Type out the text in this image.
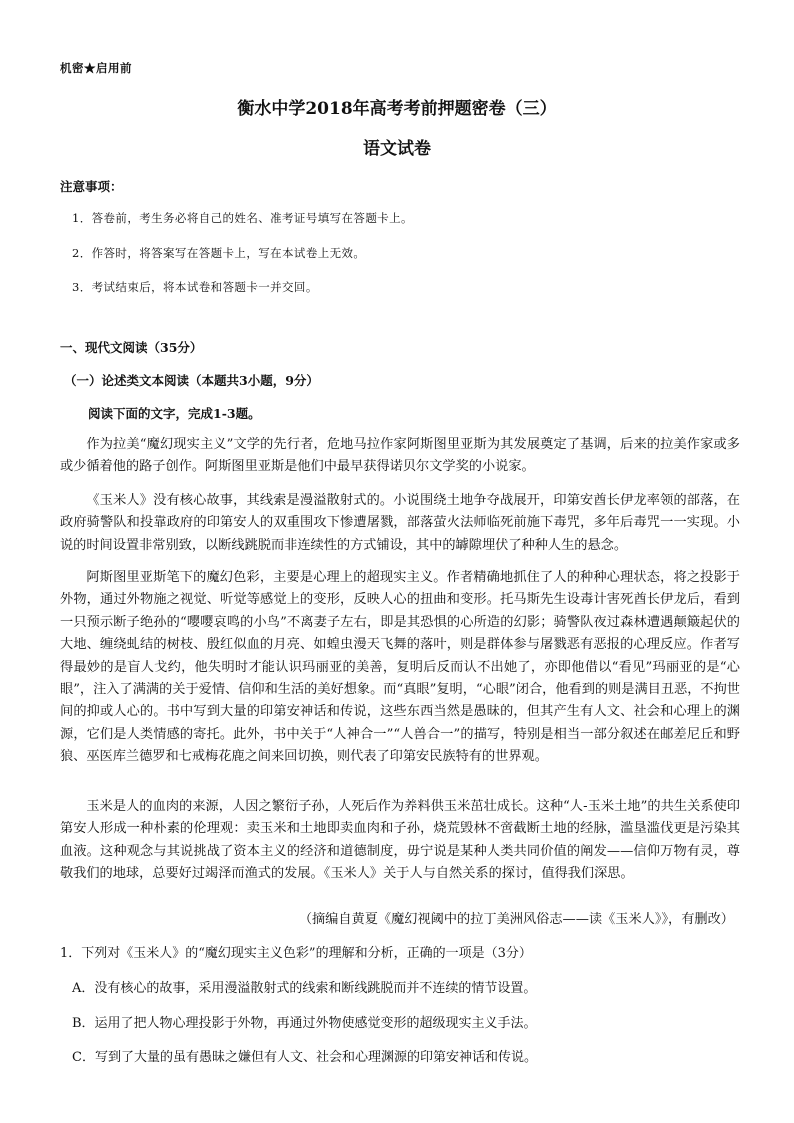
机密★启用前
衡水中学2018年高考考前押题密卷（三）
语文试卷
注意事项：
1．答卷前，考生务必将自己的姓名、准考证号填写在答题卡上。
2．作答时，将答案写在答题卡上，写在本试卷上无效。
3．考试结束后，将本试卷和答题卡一并交回。
一、现代文阅读（35分）
（一）论述类文本阅读（本题共3小题，9分）
阅读下面的文字，完成1-3题。

作为拉美“魔幻现实主义”文学的先行者，危地马拉作家阿斯图里亚斯为其发展奠定了基调，后来的拉美作家或多或少循着他的路子创作。阿斯图里亚斯是他们中最早获得诺贝尔文学奖的小说家。

《玉米人》没有核心故事，其线索是漫溢散射式的。小说围绕土地争夺战展开，印第安酋长伊龙率领的部落，在政府骑警队和投靠政府的印第安人的双重围攻下惨遭屠戮，部落萤火法师临死前施下毒咒，多年后毒咒一一实现。小说的时间设置非常别致，以断线跳脱而非连续性的方式铺设，其中的罅隙埋伏了种种人生的悬念。

阿斯图里亚斯笔下的魔幻色彩，主要是心理上的超现实主义。作者精确地抓住了人的种种心理状态，将之投影于外物，通过外物施之视觉、听觉等感觉上的变形，反映人心的扭曲和变形。托马斯先生设毒计害死酋长伊龙后，看到一只预示断子绝孙的“嘤嘤哀鸣的小鸟”不离妻子左右，即是其恐惧的心所造的幻影；骑警队夜过森林遭遇颠簸起伏的大地、缠绕虬结的树枝、殷红似血的月亮、如蝗虫漫天飞舞的落叶，则是群体参与屠戮恶有恶报的心理反应。作者写得最妙的是盲人戈约，他失明时才能认识玛丽亚的美善，复明后反而认不出她了，亦即他借以“看见”玛丽亚的是“心眼”，注入了满满的关于爱情、信仰和生活的美好想象。而“真眼”复明，“心眼”闭合，他看到的则是满目丑恶，不拘世间的抑或人心的。书中写到大量的印第安神话和传说，这些东西当然是愚昧的，但其产生有人文、社会和心理上的渊源，它们是人类情感的寄托。此外，书中关于“人神合一”“人兽合一”的描写，特别是相当一部分叙述在邮差尼丘和野狼、巫医库兰德罗和七戒梅花鹿之间来回切换，则代表了印第安民族特有的世界观。

玉米是人的血肉的来源，人因之繁衍子孙，人死后作为养料供玉米茁壮成长。这种“人-玉米土地”的共生关系使印第安人形成一种朴素的伦理观：卖玉米和土地即卖血肉和子孙，烧荒毁林不啻截断土地的经脉，滥垦滥伐更是污染其血液。这种观念与其说挑战了资本主义的经济和道德制度，毋宁说是某种人类共同价值的阐发——信仰万物有灵，尊敬我们的地球，总要好过竭泽而渔式的发展。《玉米人》关于人与自然关系的探讨，值得我们深思。

（摘编自黄夏《魔幻视阈中的拉丁美洲风俗志——读《玉米人》》，有删改）
1．下列对《玉米人》的“魔幻现实主义色彩”的理解和分析，正确的一项是（3分）
A．没有核心的故事，采用漫溢散射式的线索和断线跳脱而并不连续的情节设置。
B．运用了把人物心理投影于外物，再通过外物使感觉变形的超级现实主义手法。
C．写到了大量的虽有愚昧之嫌但有人文、社会和心理渊源的印第安神话和传说。
